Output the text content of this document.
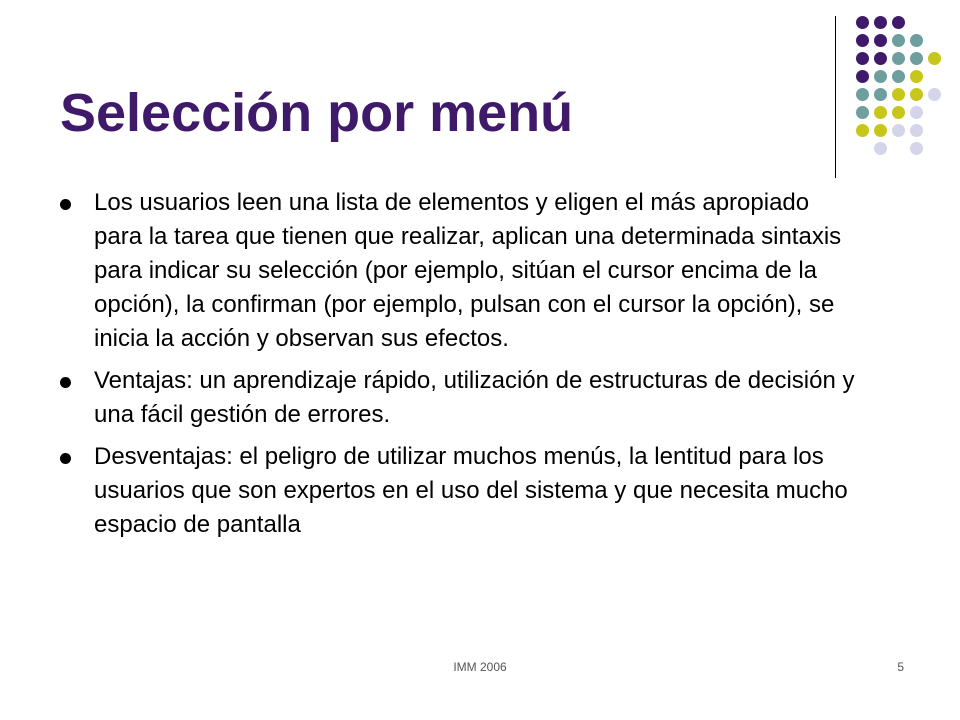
Selección por menú
Los usuarios leen una lista de elementos y eligen el más apropiado para la tarea que tienen que realizar, aplican una determinada sintaxis para indicar su selección (por ejemplo, sitúan el cursor encima de la opción), la confirman (por ejemplo, pulsan con el cursor la opción), se inicia la acción y observan sus efectos.
Ventajas: un aprendizaje rápido, utilización de estructuras de decisión y una fácil gestión de errores.
Desventajas: el peligro de utilizar muchos menús, la lentitud para los usuarios que son expertos en el uso del sistema y que necesita mucho espacio de pantalla
IMM 2006	5
